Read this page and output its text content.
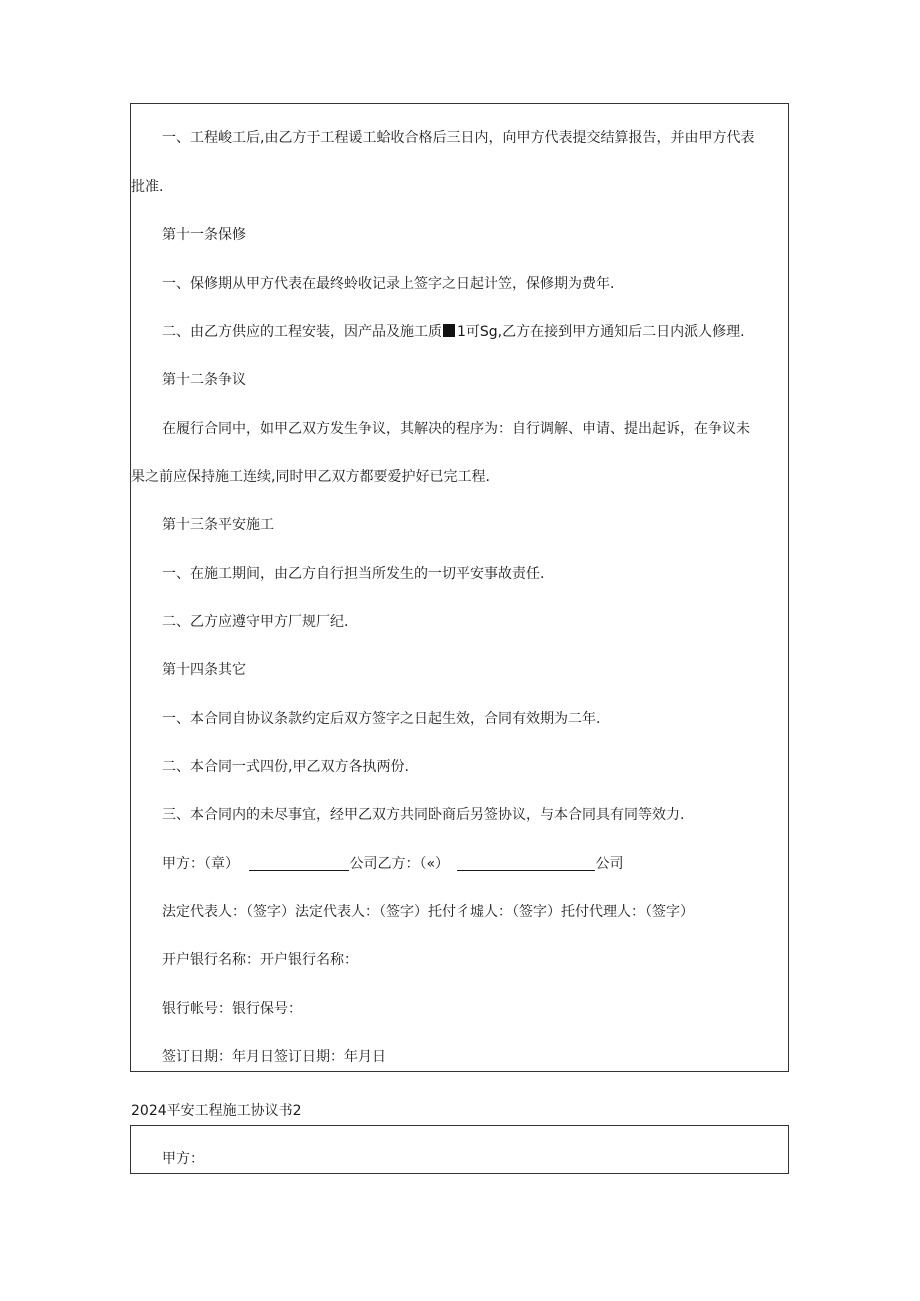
一、工程峻工后,由乙方于工程谖工蛤收合格后三日内，向甲方代表提交结算报告，并由甲方代表
批准.
第十一条保修
一、保修期从甲方代表在最终蛉收记录上签字之日起计笠，保修期为费年.
二、由乙方供应的工程安装，因产品及施工质 1可Sg,乙方在接到甲方通知后二日内派人修理.
第十二条争议
在履行合同中，如甲乙双方发生争议，其解决的程序为：自行调解、申请、提出起诉，在争议未
果之前应保持施工连续,同时甲乙双方都要爱护好已完工程.
第十三条平安施工
一、在施工期间，由乙方自行担当所发生的一切平安事故责任.
二、乙方应遵守甲方厂规厂纪.
第十四条其它
一、本合同自协议条款约定后双方签字之日起生效，合同有效期为二年.
二、本合同一式四份,甲乙双方各执两份.
三、本合同内的未尽事宜，经甲乙双方共同卧商后另签协议，与本合同具有同等效力.
甲方：（章）	公司乙方：（«）	公司
法定代表人：（签字）法定代表人：（签字）托付彳墟人：（签字）托付代理人：（签字）
开户银行名称：开户银行名称：
银行帐号：银行保号：
签订日期：年月日签订日期：年月日
2024平安工程施工协议书2
甲方：
